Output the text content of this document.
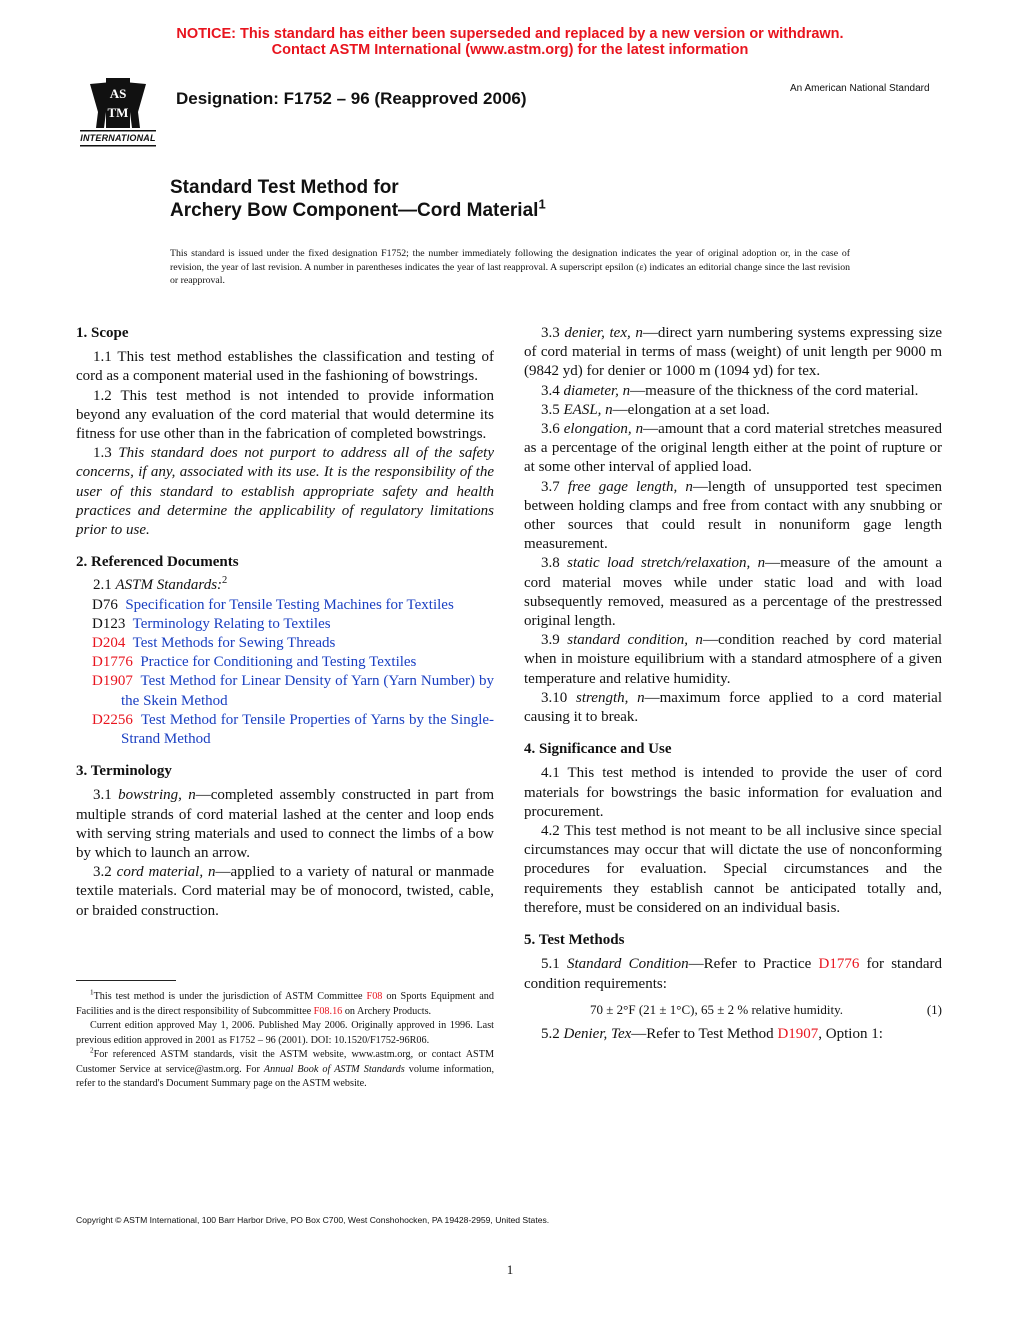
NOTICE: This standard has either been superseded and replaced by a new version or withdrawn.
Contact ASTM International (www.astm.org) for the latest information
AS
TM
INTERNATIONAL
Designation: F1752 – 96 (Reapproved 2006)
An American National Standard
Standard Test Method for
Archery Bow Component—Cord Material$^1$
This standard is issued under the fixed designation F1752; the number immediately following the designation indicates the year of original adoption or, in the case of revision, the year of last revision. A number in parentheses indicates the year of last reapproval. A superscript epsilon (ε) indicates an editorial change since the last revision or reapproval.
1. Scope

1.1 This test method establishes the classification and testing of cord as a component material used in the fashioning of bowstrings.

1.2 This test method is not intended to provide information beyond any evaluation of the cord material that would determine its fitness for use other than in the fabrication of completed bowstrings.

1.3 This standard does not purport to address all of the safety concerns, if any, associated with its use. It is the responsibility of the user of this standard to establish appropriate safety and health practices and determine the applicability of regulatory limitations prior to use.

2. Referenced Documents

2.1 ASTM Standards:$^2$

D76 Specification for Tensile Testing Machines for Textiles

D123 Terminology Relating to Textiles

D204 Test Methods for Sewing Threads

D1776 Practice for Conditioning and Testing Textiles

D1907 Test Method for Linear Density of Yarn (Yarn Number) by the Skein Method

D2256 Test Method for Tensile Properties of Yarns by the Single-Strand Method

3. Terminology

3.1 bowstring, n—completed assembly constructed in part from multiple strands of cord material lashed at the center and loop ends with serving string materials and used to connect the limbs of a bow by which to launch an arrow.

3.2 cord material, n—applied to a variety of natural or manmade textile materials. Cord material may be of monocord, twisted, cable, or braided construction.

$^1$This test method is under the jurisdiction of ASTM Committee F08 on Sports Equipment and Facilities and is the direct responsibility of Subcommittee F08.16 on Archery Products.

Current edition approved May 1, 2006. Published May 2006. Originally approved in 1996. Last previous edition approved in 2001 as F1752 – 96 (2001). DOI: 10.1520/F1752-96R06.

$^2$For referenced ASTM standards, visit the ASTM website, www.astm.org, or contact ASTM Customer Service at service@astm.org. For Annual Book of ASTM Standards volume information, refer to the standard's Document Summary page on the ASTM website.

3.3 denier, tex, n—direct yarn numbering systems expressing size of cord material in terms of mass (weight) of unit length per 9000 m (9842 yd) for denier or 1000 m (1094 yd) for tex.

3.4 diameter, n—measure of the thickness of the cord material.

3.5 EASL, n—elongation at a set load.

3.6 elongation, n—amount that a cord material stretches measured as a percentage of the original length either at the point of rupture or at some other interval of applied load.

3.7 free gage length, n—length of unsupported test specimen between holding clamps and free from contact with any snubbing or other sources that could result in nonuniform gage length measurement.

3.8 static load stretch/relaxation, n—measure of the amount a cord material moves while under static load and with load subsequently removed, measured as a percentage of the prestressed original length.

3.9 standard condition, n—condition reached by cord material when in moisture equilibrium with a standard atmosphere of a given temperature and relative humidity.

3.10 strength, n—maximum force applied to a cord material causing it to break.

4. Significance and Use

4.1 This test method is intended to provide the user of cord materials for bowstrings the basic information for evaluation and procurement.

4.2 This test method is not meant to be all inclusive since special circumstances may occur that will dictate the use of nonconforming procedures for evaluation. Special circumstances and the requirements they establish cannot be anticipated totally and, therefore, must be considered on an individual basis.

5. Test Methods

5.1 Standard Condition—Refer to Practice D1776 for standard condition requirements:

70 ± 2°F (21 ± 1°C), 65 ± 2 % relative humidity.	(1)

5.2 Denier, Tex—Refer to Test Method D1907, Option 1:

Copyright © ASTM International, 100 Barr Harbor Drive, PO Box C700, West Conshohocken, PA 19428-2959, United States.
1
